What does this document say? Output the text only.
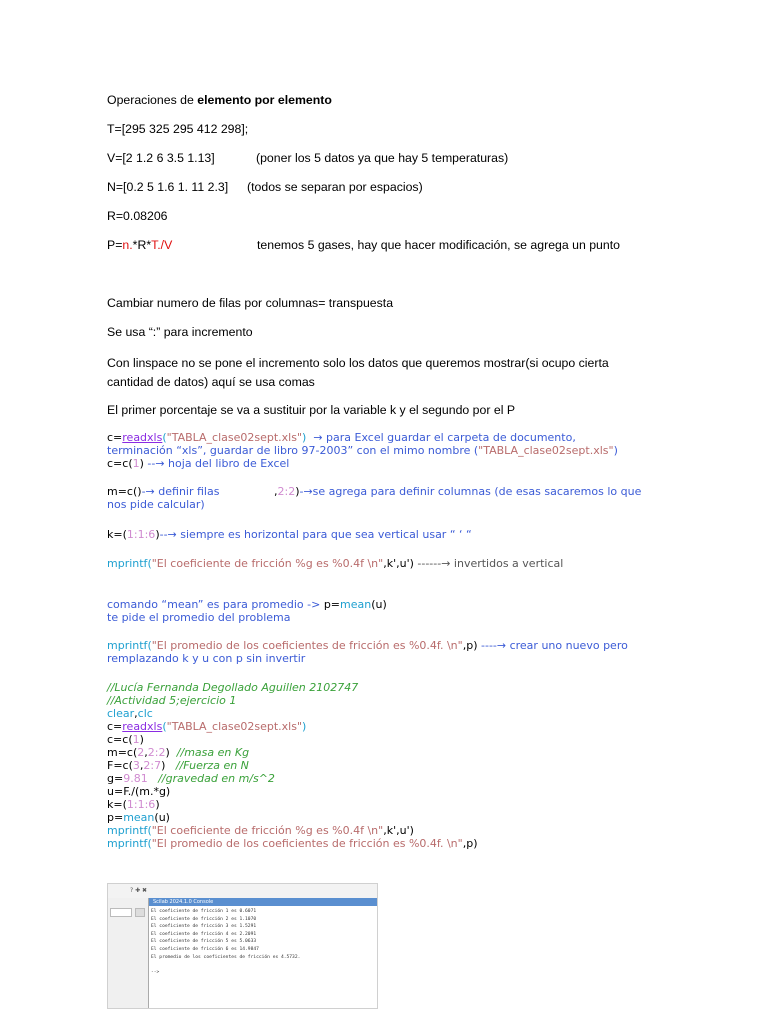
Operaciones de elemento por elemento
T=[295 325 295 412 298];
V=[2 1.2 6 3.5 1.13]	(poner los 5 datos ya que hay 5 temperaturas)
N=[0.2 5 1.6 1. 11 2.3] (todos se separan por espacios)
R=0.08206
P=n.*R*T./V	tenemos 5 gases, hay que hacer modificación, se agrega un punto
Cambiar numero de filas por columnas= transpuesta
Se usa “:” para incremento
Con linspace no se pone el incremento solo los datos que queremos mostrar(si ocupo cierta cantidad de datos) aquí se usa comas
El primer porcentaje se va a sustituir por la variable k y el segundo por el P
c=readxls("TABLA_clase02sept.xls")  → para Excel guardar el carpeta de documento,
terminación “xls”, guardar de libro 97-2003” con el mimo nombre ("TABLA_clase02sept.xls")
c=c(1) --→ hoja del libro de Excel
m=c()-→ definir filas	,2:2)-→se agrega para definir columnas (de esas sacaremos lo que
nos pide calcular)
k=(1:1:6)--→ siempre es horizontal para que sea vertical usar “ ‘ “
mprintf("El coeficiente de fricción %g es %0.4f \n",k',u') ------→ invertidos a vertical
comando “mean” es para promedio -> p=mean(u)
te pide el promedio del problema
mprintf("El promedio de los coeficientes de fricción es %0.4f. \n",p) ----→ crear uno nuevo pero
remplazando k y u con p sin invertir
//Lucía Fernanda Degollado Aguillen 2102747
//Actividad 5;ejercicio 1
clear,clc
c=readxls("TABLA_clase02sept.xls")
c=c(1)
m=c(2,2:2)  //masa en Kg
F=c(3,2:7)   //Fuerza en N
g=9.81   //gravedad en m/s^2
u=F./(m.*g)
k=(1:1:6)
p=mean(u)
mprintf("El coeficiente de fricción %g es %0.4f \n",k',u')
mprintf("El promedio de los coeficientes de fricción es %0.4f. \n",p)
? ✚ ✖
Scilab 2024.1.0 Console
El coeficiente de fricción 1 es 0.6071
El coeficiente de fricción 2 es 1.1070
El coeficiente de fricción 3 es 1.5291
El coeficiente de fricción 4 es 2.2091
El coeficiente de fricción 5 es 5.0633
El coeficiente de fricción 6 es 14.9847
El promedio de los coeficientes de fricción es 4.5732.
-->
